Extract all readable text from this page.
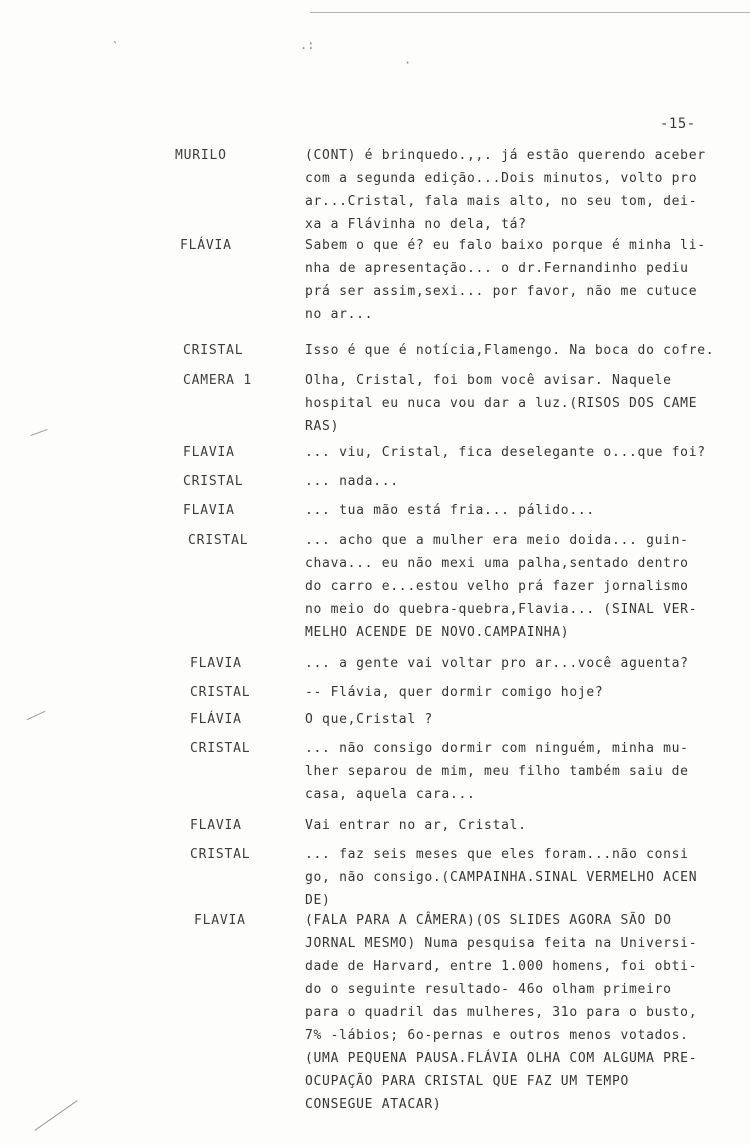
-15-
`	.:
·
MURILO	(CONT) é brinquedo.,,. já estão querendo aceber
com a segunda edição...Dois minutos, volto pro
ar...Cristal, fala mais alto, no seu tom, dei-
xa a Flávinha no dela, tá?
FLÁVIA	Sabem o que é? eu falo baixo porque é minha li-
nha de apresentação... o dr.Fernandinho pediu
prá ser assim,sexi... por favor, não me cutuce
no ar...
CRISTAL	Isso é que é notícia,Flamengo. Na boca do cofre.
CAMERA 1	Olha, Cristal, foi bom você avisar. Naquele
hospital eu nuca vou dar a luz.(RISOS DOS CAME
RAS)
FLAVIA	... viu, Cristal, fica deselegante o...que foi?
CRISTAL	... nada...
FLAVIA	... tua mão está fria... pálido...
CRISTAL	... acho que a mulher era meio doida... guin-
chava... eu não mexi uma palha,sentado dentro
do carro e...estou velho prá fazer jornalismo
no meio do quebra-quebra,Flavia... (SINAL VER-
MELHO ACENDE DE NOVO.CAMPAINHA)
FLAVIA	... a gente vai voltar pro ar...você aguenta?
CRISTAL	-- Flávia, quer dormir comigo hoje?
FLÁVIA	O que,Cristal ?
CRISTAL	... não consigo dormir com ninguém, minha mu-
lher separou de mim, meu filho também saiu de
casa, aquela cara...
FLAVIA	Vai entrar no ar, Cristal.
CRISTAL	... faz seis meses que eles foram...não consi
go, não consigo.(CAMPAINHA.SINAL VERMELHO ACEN
DE)
FLAVIA	(FALA PARA A CÂMERA)(OS SLIDES AGORA SÃO DO
JORNAL MESMO) Numa pesquisa feita na Universi-
dade de Harvard, entre 1.000 homens, foi obti-
do o seguinte resultado- 46o olham primeiro
para o quadril das mulheres, 31o para o busto,
7% -lábios; 6o-pernas e outros menos votados.
(UMA PEQUENA PAUSA.FLÁVIA OLHA COM ALGUMA PRE-
OCUPAÇÃO PARA CRISTAL QUE FAZ UM TEMPO
CONSEGUE ATACAR)
